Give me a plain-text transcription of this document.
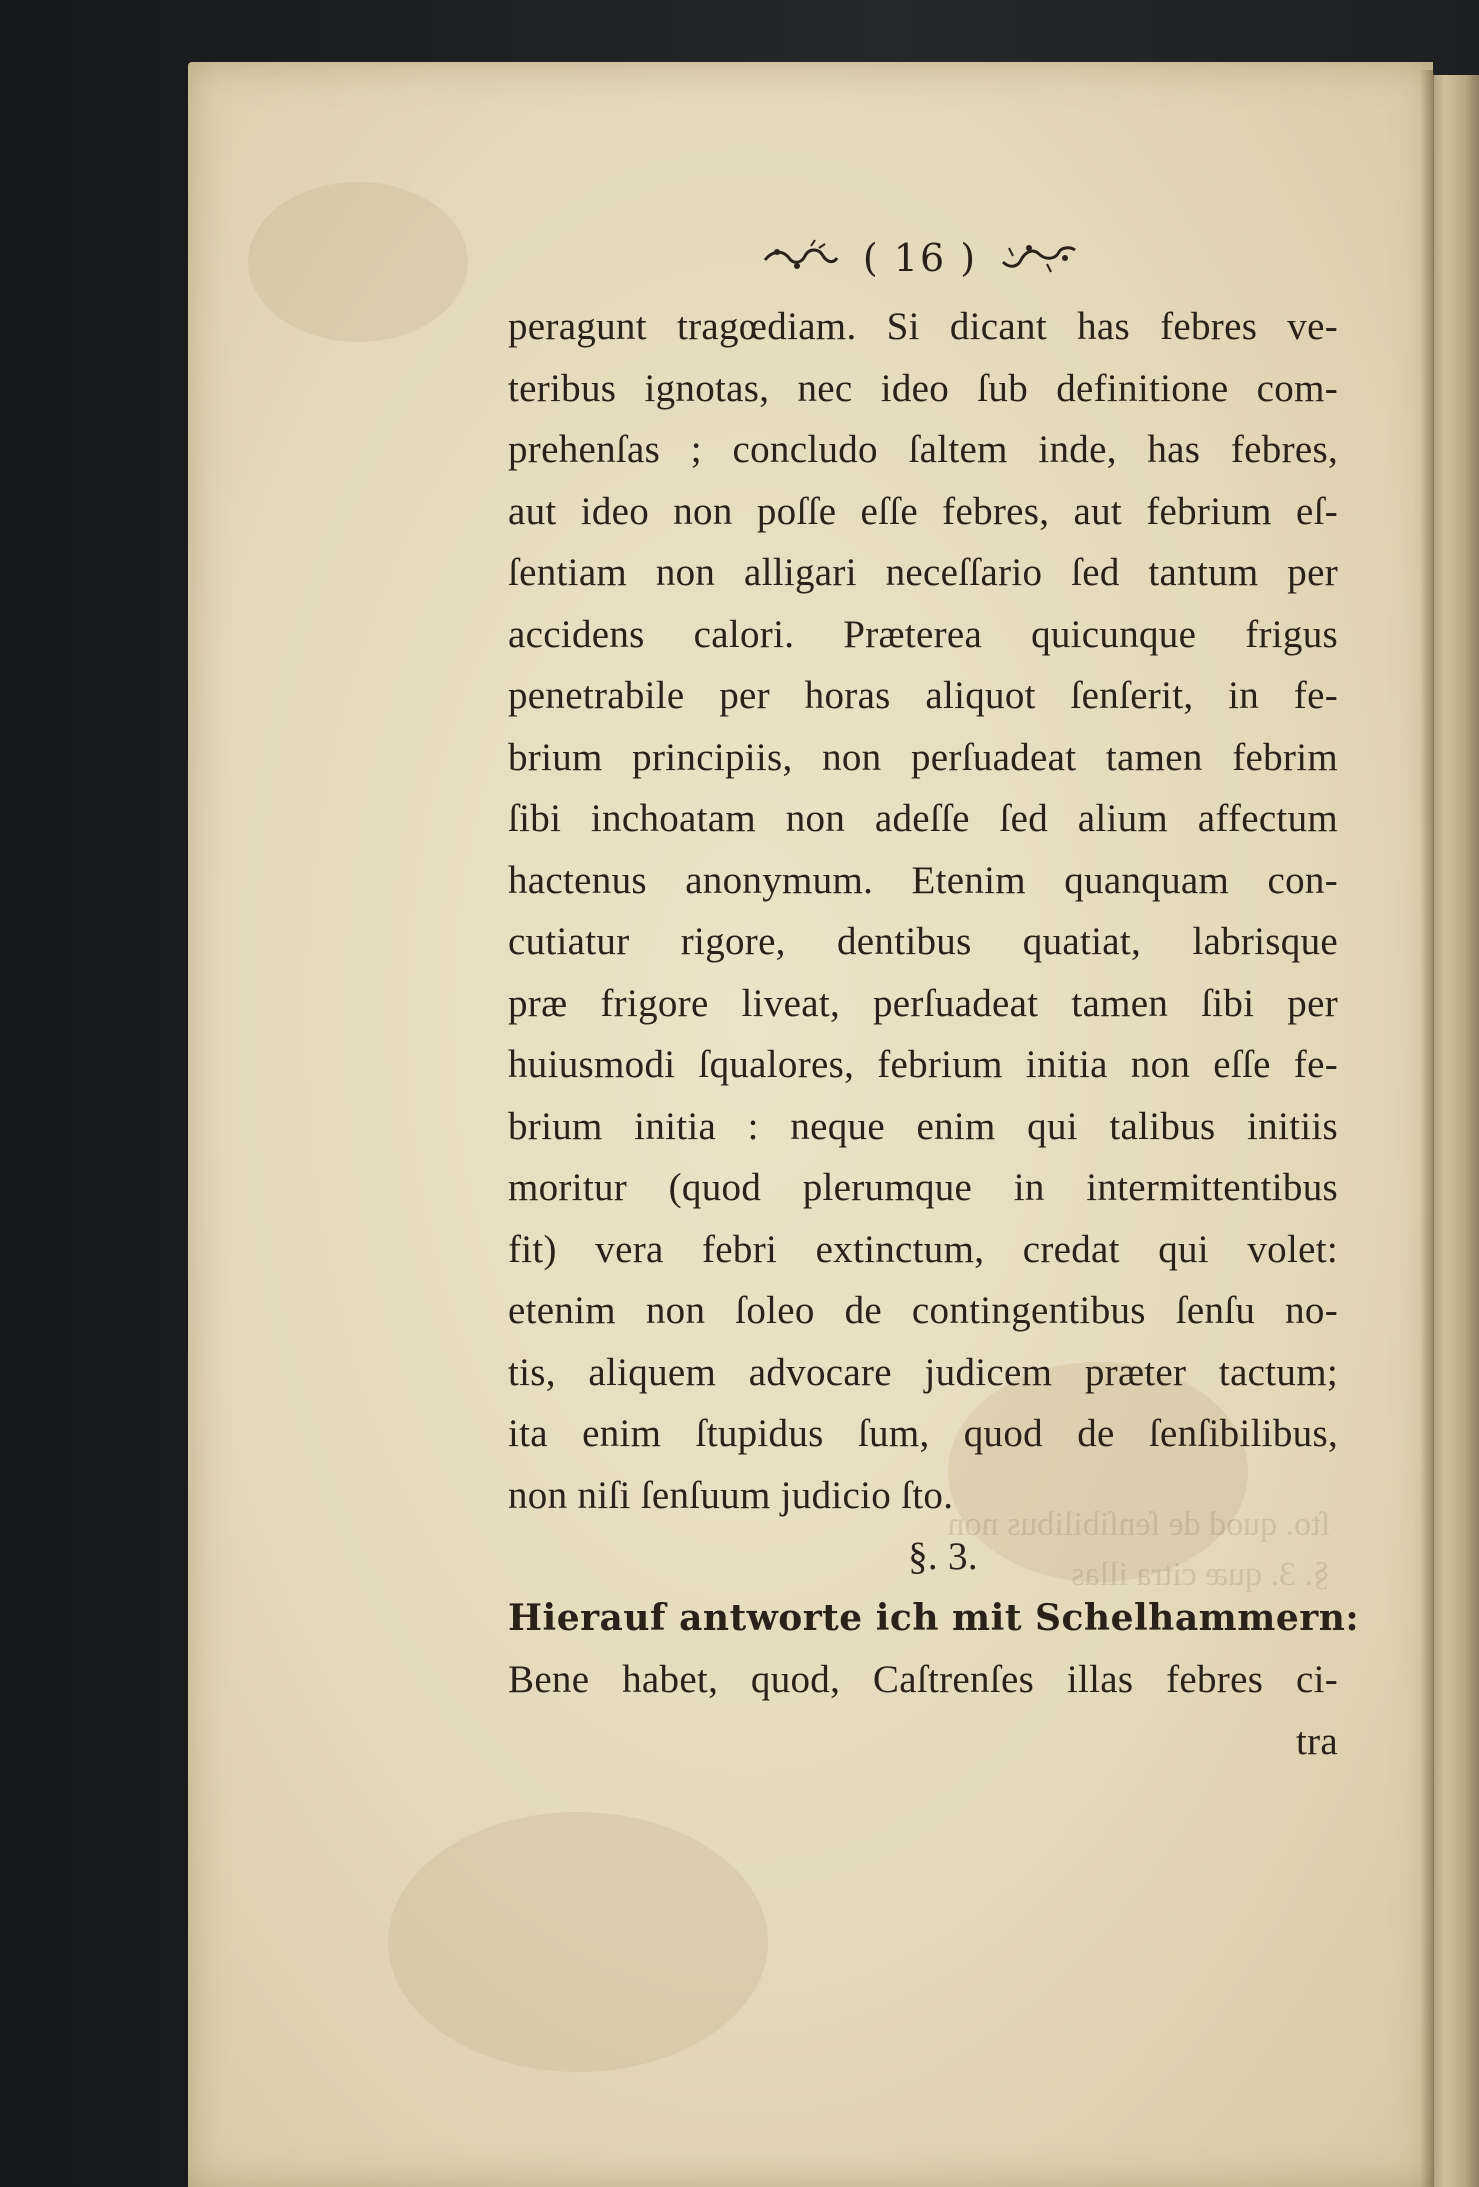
( 16 )
ſto. quod de ſenſibilibus non
§. 3. quæ citra illas
peragunt tragœdiam. Si dicant has febres ve-
teribus ignotas, nec ideo ſub definitione com-
prehenſas ; concludo ſaltem inde, has febres,
aut ideo non poſſe eſſe febres, aut febrium eſ-
ſentiam non alligari neceſſario ſed tantum per
accidens calori. Præterea quicunque frigus
penetrabile per horas aliquot ſenſerit, in fe-
brium principiis, non perſuadeat tamen febrim
ſibi inchoatam non adeſſe ſed alium affectum
hactenus anonymum. Etenim quanquam con-
cutiatur rigore, dentibus quatiat, labrisque
præ frigore liveat, perſuadeat tamen ſibi per
huiusmodi ſqualores, febrium initia non eſſe fe-
brium initia : neque enim qui talibus initiis
moritur (quod plerumque in intermittentibus
fit) vera febri extinctum, credat qui volet:
etenim non ſoleo de contingentibus ſenſu no-
tis, aliquem advocare judicem præter tactum;
ita enim ſtupidus ſum, quod de ſenſibilibus,
non niſi ſenſuum judicio ſto.
§. 3.
Hierauf antworte ich mit Schelhammern:
Bene habet, quod, Caſtrenſes illas febres ci-
tra
